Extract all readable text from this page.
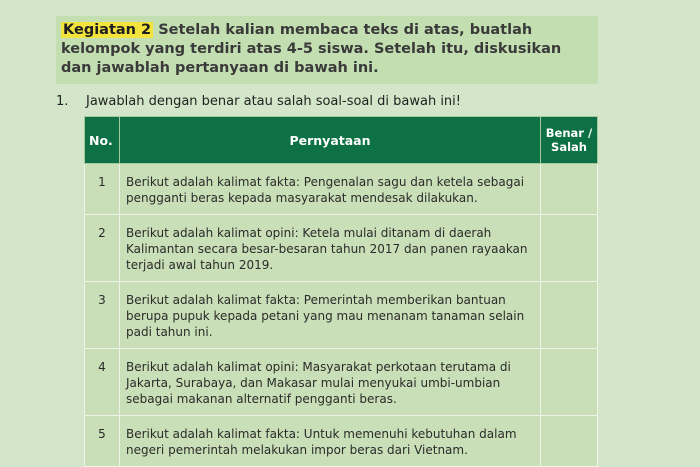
Kegiatan 2 Setelah kalian membaca teks di atas, buatlah kelompok yang terdiri atas 4-5 siswa. Setelah itu, diskusikan dan jawablah pertanyaan di bawah ini.
1. Jawablah dengan benar atau salah soal-soal di bawah ini!
No.	Pernyataan	Benar / Salah
1	Berikut adalah kalimat fakta: Pengenalan sagu dan ketela sebagai pengganti beras kepada masyarakat mendesak dilakukan.	
2	Berikut adalah kalimat opini: Ketela mulai ditanam di daerah Kalimantan secara besar-besaran tahun 2017 dan panen rayaakan terjadi awal tahun 2019.	
3	Berikut adalah kalimat fakta: Pemerintah memberikan bantuan berupa pupuk kepada petani yang mau menanam tanaman selain padi tahun ini.	
4	Berikut adalah kalimat opini: Masyarakat perkotaan terutama di Jakarta, Surabaya, dan Makasar mulai menyukai umbi-umbian sebagai makanan alternatif pengganti beras.	
5	Berikut adalah kalimat fakta: Untuk memenuhi kebutuhan dalam negeri pemerintah melakukan impor beras dari Vietnam.	
